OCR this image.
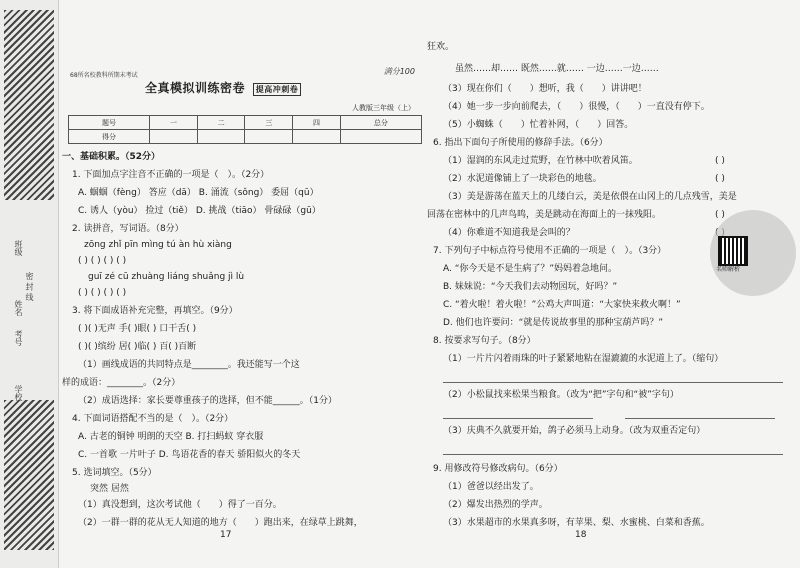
班级
密 封 线
姓名
考号
学校
68所名校教科所期末考试	满分100
全真模拟训练密卷 提高冲刺卷
人教版三年级（上）
题号	一	二	三	四	总分
得分					
一、基础积累。（52分）
1. 下面加点字注音不正确的一项是（　）。（2分）
A. 蝈蝈（fèng） 答应（dā） B. 涌流（sǒng） 委屈（qū）
C. 诱人（yòu） 捡过（tiě） D. 挑战（tiāo） 骨碌碌（gū）
2. 读拼音，写词语。（8分）
zōng zhǐ pīn mìng tú àn hù xiàng
( ) ( ) ( ) ( )
guī zé cū zhuàng liáng shuǎng jì lù
( ) ( ) ( ) ( )
3. 将下面成语补充完整，再填空。（9分）
( )( )无声 手( )眼( ) 口干舌( )
( )( )缤纷 居( )临( ) 百( )百断
（1）画线成语的共同特点是________。我还能写一个这
样的成语：________。（2分）
（2）成语选择：家长要尊重孩子的选择，但不能______。（1分）
4. 下面词语搭配不当的是（　）。（2分）
A. 古老的铜钟 明朗的天空 B. 打扫蚂蚁 穿衣服
C. 一首歌 一片叶子 D. 鸟语花香的春天 骄阳似火的冬天
5. 选词填空。（5分）
突然 居然
（1）真没想到，这次考试他（　　）得了一百分。
（2）一群一群的花从无人知道的地方（　　）跑出来，在绿草上跳舞，
17
狂欢。
虽然……却…… 既然……就…… 一边……一边……
（3）现在你们（　　）想听，我（　　）讲讲吧！
（4）她一步一步向前爬去，（　　）很慢，（　　）一直没有停下。
（5）小蜘蛛（　　）忙着补网，（　　）回答。
6. 指出下面句子所使用的修辞手法。（6分）
（1）湿润的东风走过荒野，在竹林中吹着风笛。	( )
（2）水泥道像铺上了一块彩色的地毯。	( )
（3）美是游荡在蓝天上的几缕白云，美是依偎在山冈上的几点残雪，美是
回荡在密林中的几声鸟鸣，美是跳动在海面上的一抹残阳。	( )
（4）你难道不知道我是会叫的？
7. 下列句子中标点符号使用不正确的一项是（　）。（3分）
A. “你今天是不是生病了？”妈妈着急地问。
B. 妹妹说：“今天我们去动物园玩，好吗？”
C. “着火啦！着火啦！”公鸡大声叫道：“大家快来救火啊！”
D. 他们也许要问：“就是传说故事里的那种宝葫芦吗？”
8. 按要求写句子。（8分）
（1）一片片闪着雨珠的叶子紧紧地粘在湿漉漉的水泥道上了。（缩句）
（2）小松鼠找来松果当粮食。（改为“把”字句和“被”字句）
（3）庆典不久就要开始，鸽子必须马上动身。（改为双重否定句）
9. 用修改符号修改病句。（6分）
（1）爸爸以经出发了。
（2）爆发出热烈的学声。
（3）水果超市的水果真多呀，有苹果、梨、水蜜桃、白菜和香蕉。
18
名师解析
